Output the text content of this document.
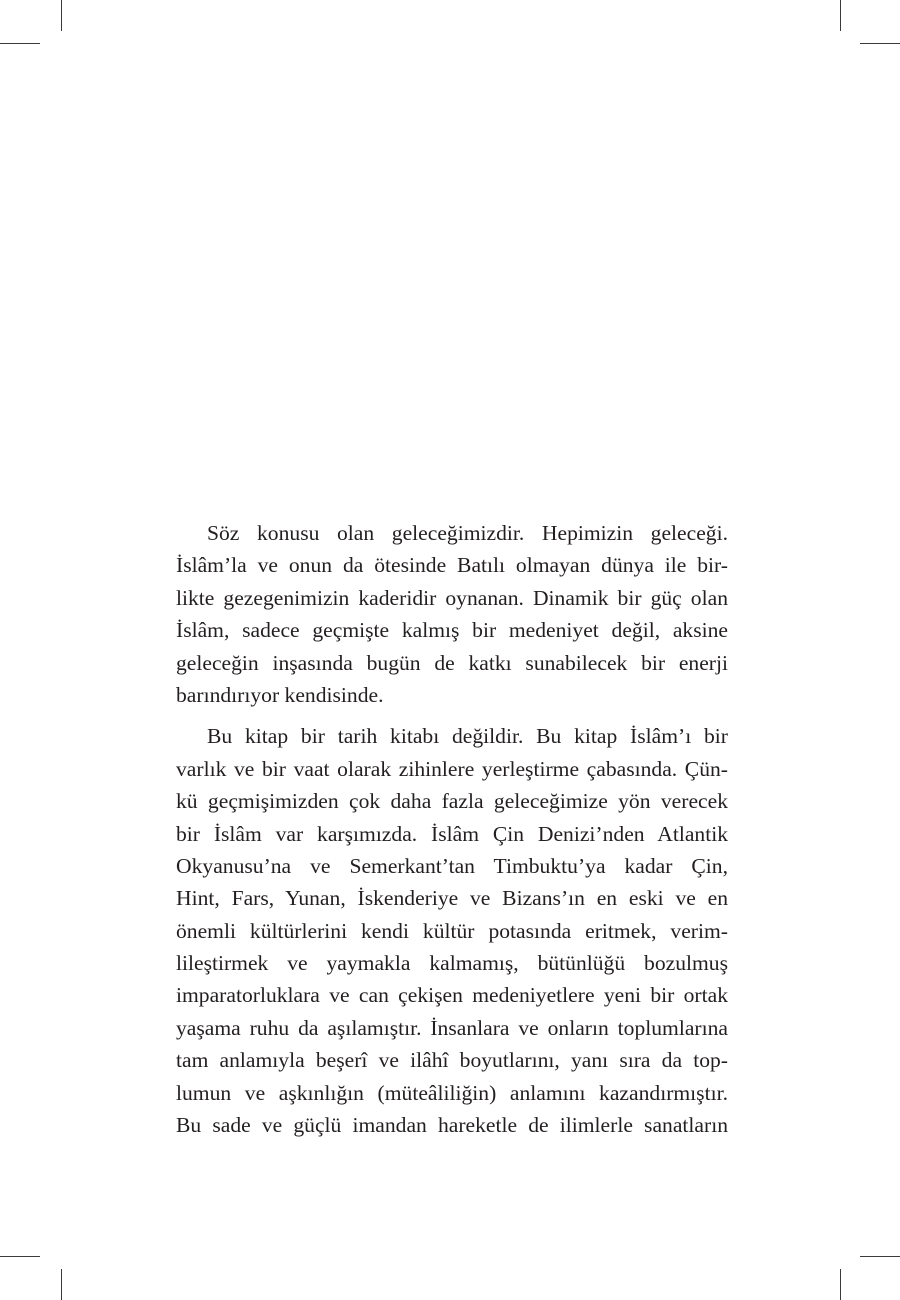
Söz konusu olan geleceğimizdir. Hepimizin geleceği.
İslâm’la ve onun da ötesinde Batılı olmayan dünya ile bir-
likte gezegenimizin kaderidir oynanan. Dinamik bir güç olan
İslâm, sadece geçmişte kalmış bir medeniyet değil, aksine
geleceğin inşasında bugün de katkı sunabilecek bir enerji
barındırıyor kendisinde.
Bu kitap bir tarih kitabı değildir. Bu kitap İslâm’ı bir
varlık ve bir vaat olarak zihinlere yerleştirme çabasında. Çün-
kü geçmişimizden çok daha fazla geleceğimize yön verecek
bir İslâm var karşımızda. İslâm Çin Denizi’nden Atlantik
Okyanusu’na ve Semerkant’tan Timbuktu’ya kadar Çin,
Hint, Fars, Yunan, İskenderiye ve Bizans’ın en eski ve en
önemli kültürlerini kendi kültür potasında eritmek, verim-
lileştirmek ve yaymakla kalmamış, bütünlüğü bozulmuş
imparatorluklara ve can çekişen medeniyetlere yeni bir ortak
yaşama ruhu da aşılamıştır. İnsanlara ve onların toplumlarına
tam anlamıyla beşerî ve ilâhî boyutlarını, yanı sıra da top-
lumun ve aşkınlığın (müteâliliğin) anlamını kazandırmıştır.
Bu sade ve güçlü imandan hareketle de ilimlerle sanatların
